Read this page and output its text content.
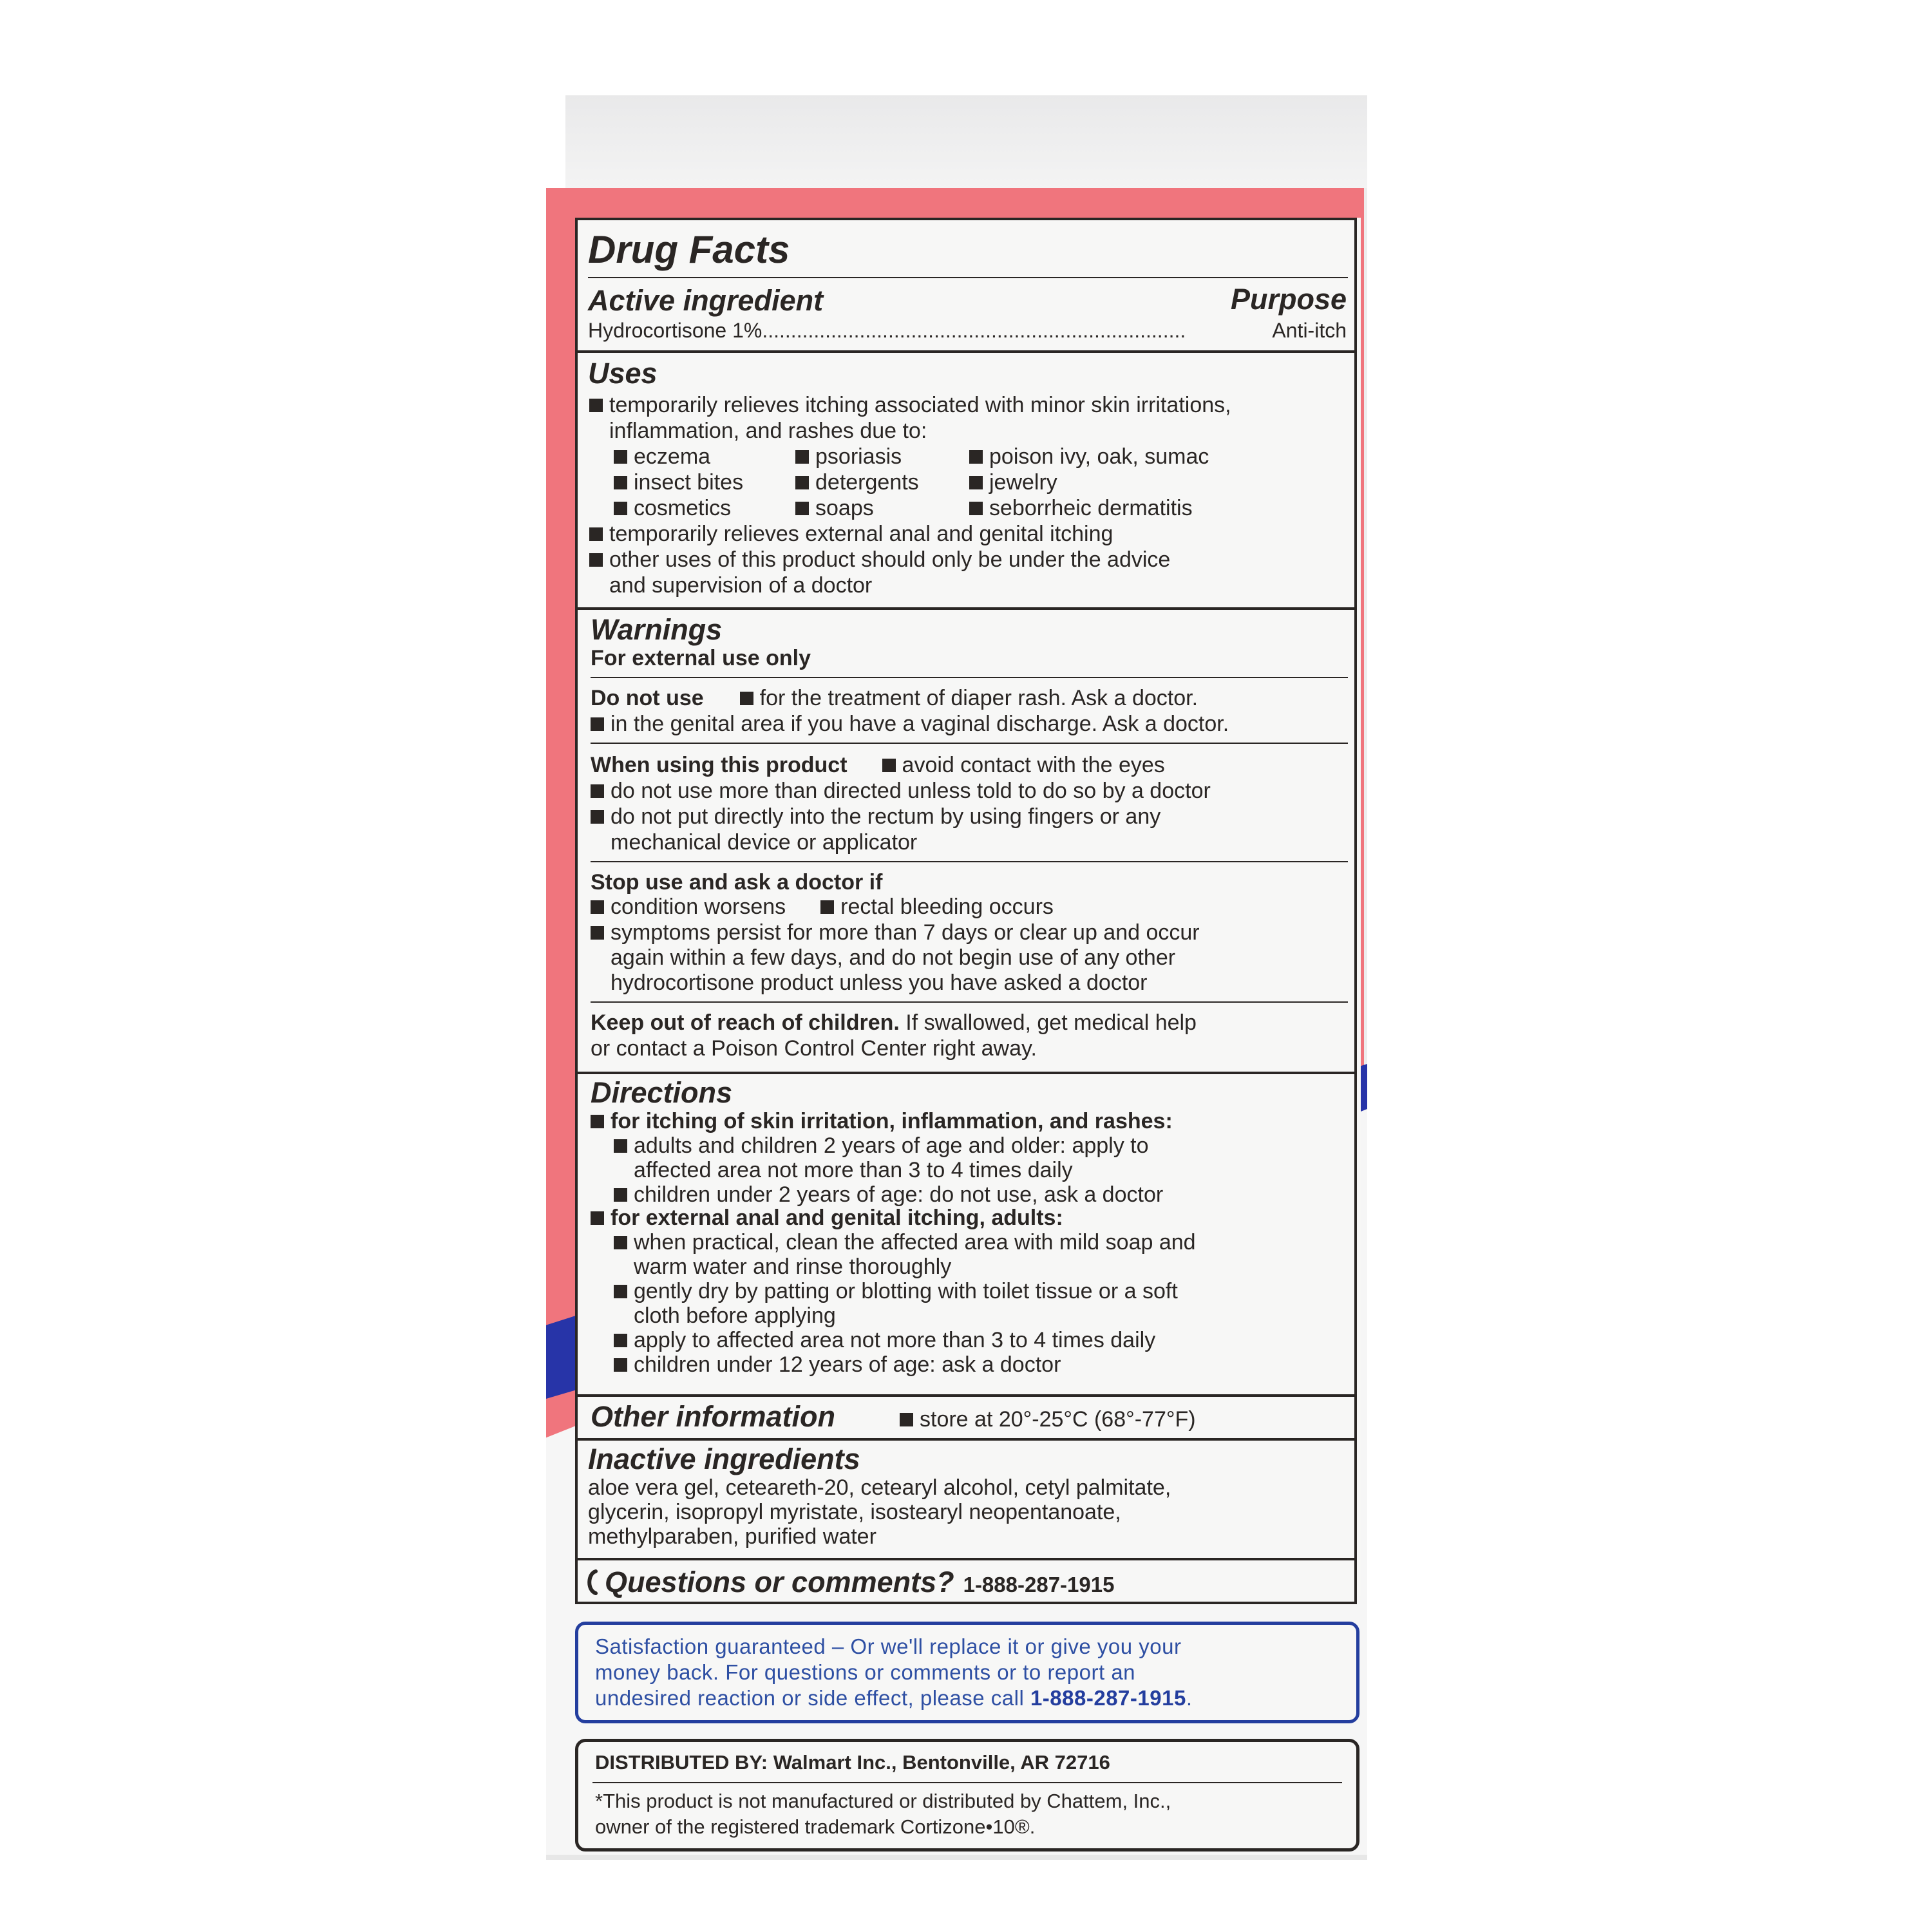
Drug Facts
Active ingredient	Purpose
Hydrocortisone 1%..........................................................................	Anti-itch
Uses
temporarily relieves itching associated with minor skin irritations,
inflammation, and rashes due to:
eczema	psoriasis	poison ivy, oak, sumac
insect bites	detergents	jewelry
cosmetics	soaps	seborrheic dermatitis
temporarily relieves external anal and genital itching
other uses of this product should only be under the advice
and supervision of a doctor
Warnings
For external use only
Do not use	for the treatment of diaper rash. Ask a doctor.
in the genital area if you have a vaginal discharge. Ask a doctor.
When using this product	avoid contact with the eyes
do not use more than directed unless told to do so by a doctor
do not put directly into the rectum by using fingers or any
mechanical device or applicator
Stop use and ask a doctor if
condition worsens	rectal bleeding occurs
symptoms persist for more than 7 days or clear up and occur
again within a few days, and do not begin use of any other
hydrocortisone product unless you have asked a doctor
Keep out of reach of children. If swallowed, get medical help
or contact a Poison Control Center right away.
Directions
for itching of skin irritation, inflammation, and rashes:
adults and children 2 years of age and older: apply to
affected area not more than 3 to 4 times daily
children under 2 years of age: do not use, ask a doctor
for external anal and genital itching, adults:
when practical, clean the affected area with mild soap and
warm water and rinse thoroughly
gently dry by patting or blotting with toilet tissue or a soft
cloth before applying
apply to affected area not more than 3 to 4 times daily
children under 12 years of age: ask a doctor
Other information	store at 20°-25°C (68°-77°F)
Inactive ingredients
aloe vera gel, ceteareth-20, cetearyl alcohol, cetyl palmitate,
glycerin, isopropyl myristate, isostearyl neopentanoate,
methylparaben, purified water
Questions or comments? 1-888-287-1915
Satisfaction guaranteed – Or we'll replace it or give you your
money back. For questions or comments or to report an
undesired reaction or side effect, please call 1-888-287-1915.
DISTRIBUTED BY: Walmart Inc., Bentonville, AR 72716
*This product is not manufactured or distributed by Chattem, Inc.,
owner of the registered trademark Cortizone•10®.
